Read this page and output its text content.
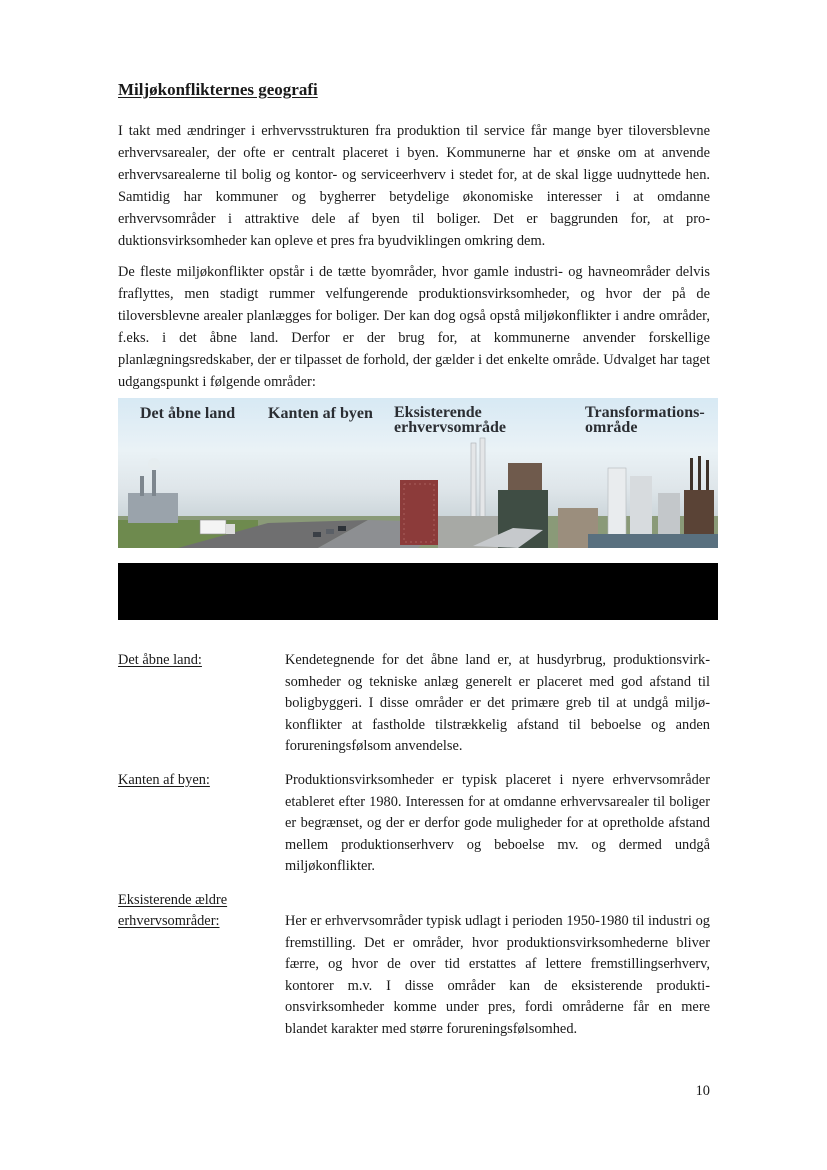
Miljøkonflikternes geografi

I takt med ændringer i erhvervsstrukturen fra produktion til service får mange byer tiloversblevne erhvervsarealer, der ofte er centralt placeret i byen. Kommunerne har et ønske om at anvende erhvervsarealerne til bolig og kontor- og serviceerhverv i stedet for, at de skal ligge uudnyttede hen. Samtidig har kommuner og bygherrer betydelige økonomiske interesser i at omdanne erhvervsområder i attraktive dele af byen til boliger. Det er baggrunden for, at produktionsvirksomheder kan opleve et pres fra byudviklingen omkring dem.

De fleste miljøkonflikter opstår i de tætte byområder, hvor gamle industri- og havneområder delvis fraflyttes, men stadigt rummer velfungerende produktionsvirksomheder, og hvor der på de tiloversblevne arealer planlægges for boliger. Der kan dog også opstå miljøkonflikter i andre områder, f.eks. i det åbne land. Derfor er der brug for, at kommunerne anvender forskellige planlægningsredskaber, der er tilpasset de forhold, der gælder i det enkelte område. Udvalget har taget udgangspunkt i følgende områder:

Det åbne land Kanten af byen Eksisterende
erhvervsområde
Transformations-
område

Det åbne land:	Kendetegnende for det åbne land er, at husdyrbrug, produktionsvirksomheder og tekniske anlæg generelt er placeret med god afstand til boligbyggeri. I disse områder er det primære greb til at undgå miljøkonflikter at fastholde tilstrækkelig afstand til beboelse og anden forureningsfølsom anvendelse.

Kanten af byen:	Produktionsvirksomheder er typisk placeret i nyere erhvervsområder etableret efter 1980. Interessen for at omdanne erhvervsarealer til boliger er begrænset, og der er derfor gode muligheder for at opretholde afstand mellem produktionserhverv og beboelse mv. og dermed undgå miljøkonflikter.

Eksisterende ældre

erhvervsområder:	Her er erhvervsområder typisk udlagt i perioden 1950-1980 til industri og fremstilling. Det er områder, hvor produktionsvirksomhederne bliver færre, og hvor de over tid erstattes af lettere fremstillingserhverv, kontorer m.v. I disse områder kan de eksisterende produktionsvirksomheder komme under pres, fordi områderne får en mere blandet karakter med større forureningsfølsomhed.

10
